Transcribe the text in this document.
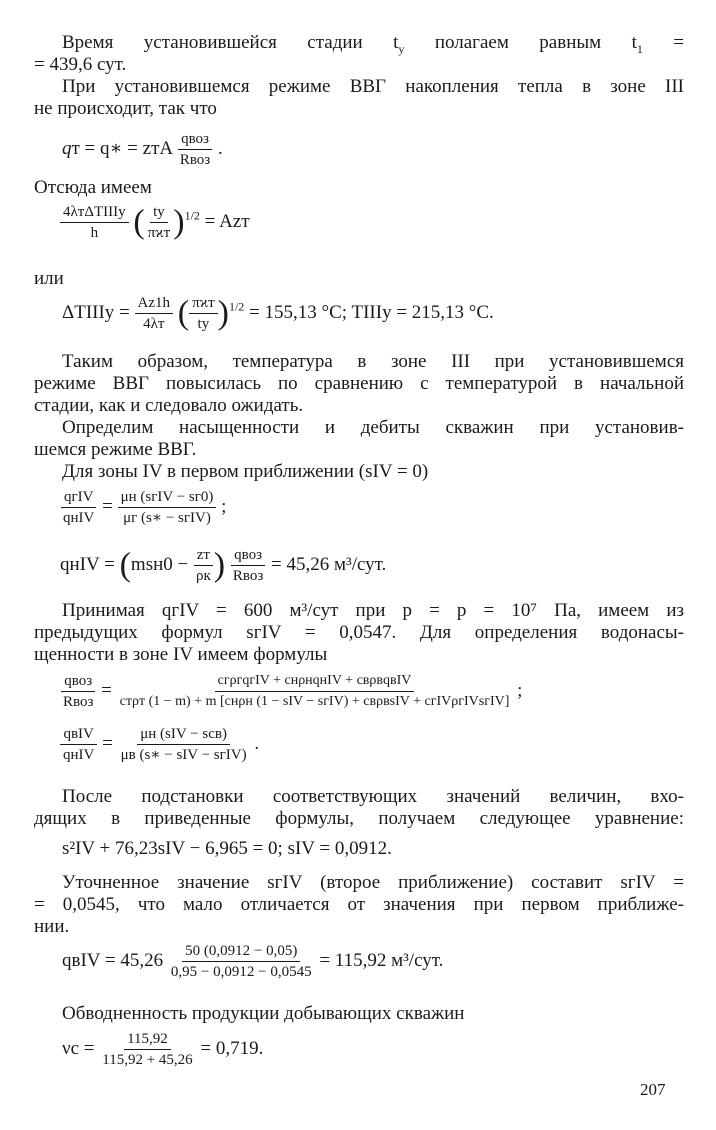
Время установившейся стадии $t_у$ полагаем равным $t_1$ =

= 439,6 сут.

При установившемся режиме ВВГ накопления тепла в зоне III

не происходит, так что

qт = q∗ = zтA $\frac{\text{qвоз}}{\text{Rвоз}}$ .

Отсюда имеем

$\frac{\text{4λтΔTIIIу}}{h}$ ( $\frac{tу}{\text{πϰт}} )^{1/2}$ = Azт

или

ΔTIIIу = $\frac{Az1h}{4\lambda т}$ ( $\frac{\text{πϰт}}{tу} )^{1/2} = 155,13$ °C; TIIIу = 215,13 °C.

Таким образом, температура в зоне III при установившемся

режиме ВВГ повысилась по сравнению с температурой в начальной

стадии, как и следовало ожидать.

Определим насыщенности и дебиты скважин при установив-

шемся режиме ВВГ.

Для зоны IV в первом приближении (sIV = 0)

$\frac{\text{qгIV}}{\text{qнIV}} = \frac{\text{μн (sгIV − sг0)}}{\text{μг (s∗ − sгIV)}}$ ;
qнIV = ($msн0 - \frac{zт}{\rho к}$ ) $\frac{\text{qвоз}}{\text{Rвоз}} = 45,26$ м³/сут.

Принимая qгIV = 600 м³/сут при p = p = 10⁷ Па, имеем из

предыдущих формул sгIV = 0,0547. Для определения водонасы-

щенности в зоне IV имеем формулы

$\frac{\text{qвоз}}{\text{Rвоз}}$ =	cгρгqгIV + cнρнqнIV + cвρвqвIV
cтρт (1 − m) + m [cнρн (1 − sIV − sгIV) + cвρвsIV + cгIVρгIVsгIV]
;
$\frac{\text{qвIV}}{\text{qнIV}} = \frac{\text{μн (sIV − sсв)}}{\text{μв (s∗ − sIV − sгIV)}}$ .

После подстановки соответствующих значений величин, вхо-

дящих в приведенные формулы, получаем следующее уравнение:

s²IV + 76,23sIV − 6,965 = 0; sIV = 0,0912.

Уточненное значение sгIV (второе приближение) составит sгIV =

= 0,0545, что мало отличается от значения при первом приближе-

нии.

qвIV = $45,26 \frac{50 (0,0912 - 0,05)}{0,95 - 0,0912 - 0,0545} = 115,92$ м³/сут.

Обводненность продукции добывающих скважин

$\nu с = \frac{115,92}{115,92 + 45,26} = 0,719$.
207
